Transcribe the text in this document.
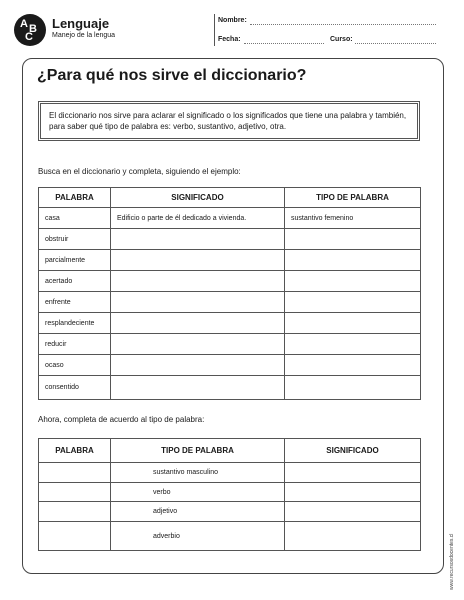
A B
C
Lenguaje
Manejo de la lengua
Nombre:
Fecha:	Curso:
¿Para qué nos sirve el diccionario?
El diccionario nos sirve para aclarar el significado o los significados que tiene una palabra y también, para saber qué tipo de palabra es: verbo, sustantivo, adjetivo, otra.
Busca en el diccionario y completa, siguiendo el ejemplo:
PALABRA	SIGNIFICADO	TIPO DE PALABRA
casa	Edificio o parte de él dedicado a vivienda.	sustantivo femenino
obstruir		
parcialmente		
acertado		
enfrente		
resplandeciente		
reducir		
ocaso		
consentido		
Ahora, completa de acuerdo al tipo de palabra:
PALABRA	TIPO DE PALABRA	SIGNIFICADO
	sustantivo masculino	
	verbo	
	adjetivo	
	adverbio		www.recursosdocentes.cl
